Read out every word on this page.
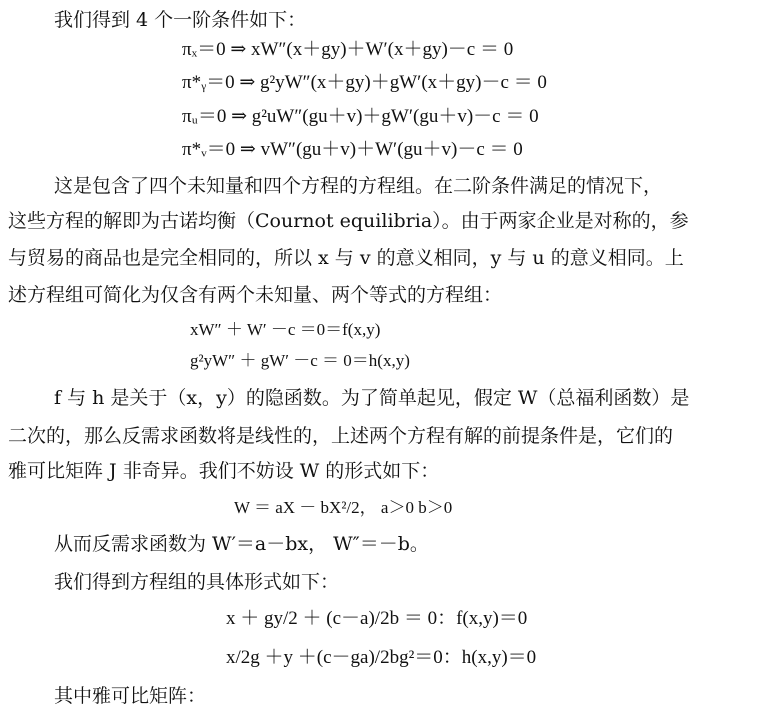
我们得到 4 个一阶条件如下：
πₓ＝0 ⇒ xW″(x＋gy)＋W′(x＋gy)－c ＝ 0
π*ᵧ＝0 ⇒ g²yW″(x＋gy)＋gW′(x＋gy)－c ＝ 0
πᵤ＝0 ⇒ g²uW″(gu＋v)＋gW′(gu＋v)－c ＝ 0
π*ᵥ＝0 ⇒ vW″(gu＋v)＋W′(gu＋v)－c ＝ 0
这是包含了四个未知量和四个方程的方程组。在二阶条件满足的情况下，
这些方程的解即为古诺均衡（Cournot equilibria）。由于两家企业是对称的，参
与贸易的商品也是完全相同的，所以 x 与 v 的意义相同，y 与 u 的意义相同。上
述方程组可简化为仅含有两个未知量、两个等式的方程组：
xW″ ＋ W′ －c ＝0＝f(x,y)
g²yW″ ＋ gW′ －c ＝ 0＝h(x,y)
f 与 h 是关于（x，y）的隐函数。为了简单起见，假定 W（总福利函数）是
二次的，那么反需求函数将是线性的，上述两个方程有解的前提条件是，它们的
雅可比矩阵 J 非奇异。我们不妨设 W 的形式如下：
W ＝ aX － bX²/2， a＞0 b＞0
从而反需求函数为 W′＝a－bx， W″＝－b。
我们得到方程组的具体形式如下：
x ＋ gy/2 ＋ (c－a)/2b ＝ 0：f(x,y)＝0
x/2g ＋y ＋(c－ga)/2bg²＝0：h(x,y)＝0
其中雅可比矩阵：
